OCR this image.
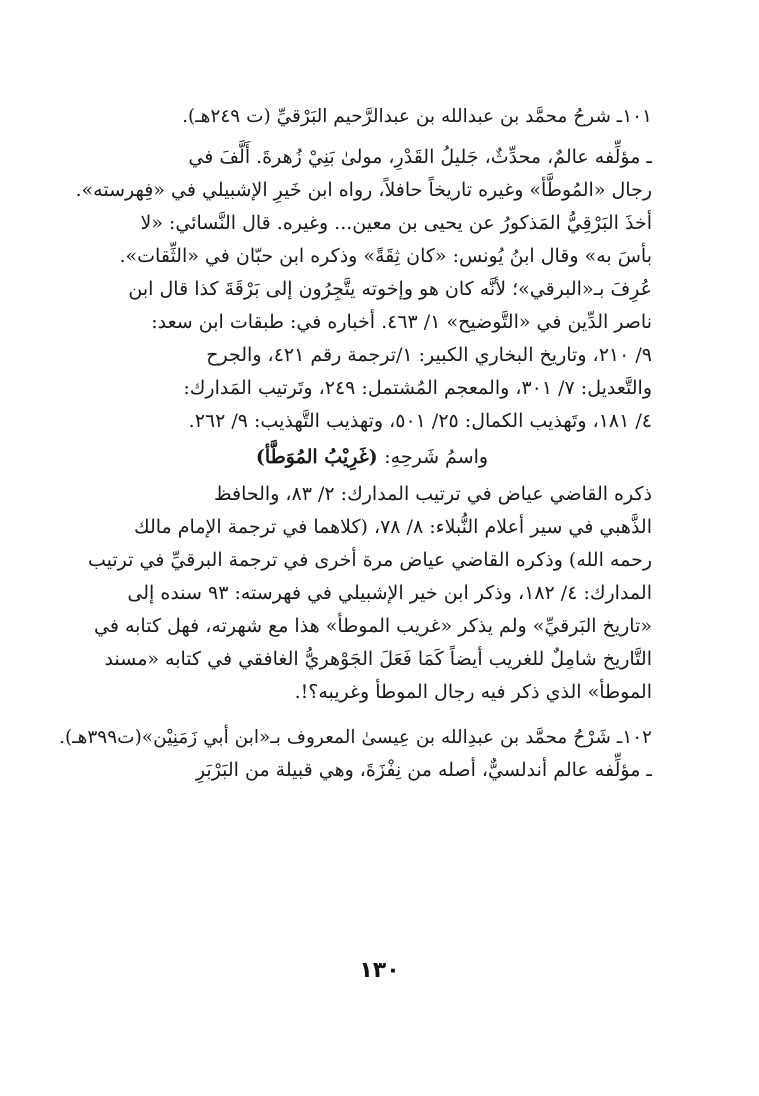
١٠١ـ شرحُ محمَّد بن عبدالله بن عبدالرَّحيم البَرْقيِّ (ت ٢٤٩هـ).
ـ مؤلِّفه عالمٌ، محدِّثٌ، جَليلُ القَدْرِ، مولىٰ بَنِيْ زُهرةَ. أَلَّفَ في
رجال «المُوطَّأ» وغيره تاريخاً حافلاً، رواه ابن خَيرِ الإشبيلي في «فِهرسته».
أخذَ البَرْقِيُّ المَذكورُ عن يحيى بن معين... وغيره. قال النَّسائي: «لا
بأسَ به» وقال ابنُ يُونس: «كان ثِقَةً» وذكره ابن حبّان في «الثِّقات».
عُرِفَ بـ«البرقي»؛ لأنَّه كان هو وإخوته يتَّجِرُون إلى بَرْقَةَ كذا قال ابن
ناصر الدِّين في «التَّوضيح» ١/ ٤٦٣. أخباره في: طبقات ابن سعد:
٩/ ٢١٠، وتاريخ البخاري الكبير: ١/ترجمة رقم ٤٢١، والجرح
والتَّعديل: ٧/ ٣٠١، والمعجم المُشتمل: ٢٤٩، وتَرتيب المَدارك:
٤/ ١٨١، وتَهذيب الكمال: ٢٥/ ٥٠١، وتهذيب التَّهذيب: ٩/ ٢٦٢.
واسمُ شَرحِهِ: (غَرِيْبُ المُوَطَّأ)
ذكره القاضي عياض في ترتيب المدارك: ٢/ ٨٣، والحافظ
الذَّهبي في سير أعلام النُّبلاء: ٨/ ٧٨، (كلاهما في ترجمة الإمام مالك
رحمه الله) وذكره القاضي عياض مرة أخرى في ترجمة البرقيِّ في ترتيب
المدارك: ٤/ ١٨٢، وذكر ابن خير الإشبيلي في فهرسته: ٩٣ سنده إلى
«تاريخ البَرقيِّ» ولم يذكر «غريب الموطأ» هذا مع شهرته، فهل كتابه في
التَّاريخ شامِلٌ للغريب أيضاً كَمَا فَعَلَ الجَوْهريُّ الغافقي في كتابه «مسند
الموطأ» الذي ذكر فيه رجال الموطأ وغريبه؟!.
١٠٢ـ شَرْحُ محمَّد بن عبدِالله بن عِيسىٰ المعروف بـ«ابن أبي زَمَنِيْن»(ت٣٩٩هـ).
ـ مؤلِّفه عالم أندلسيٌّ، أصله من نِفْزَةَ، وهي قبيلة من البَرْبَرِ
١٣٠
